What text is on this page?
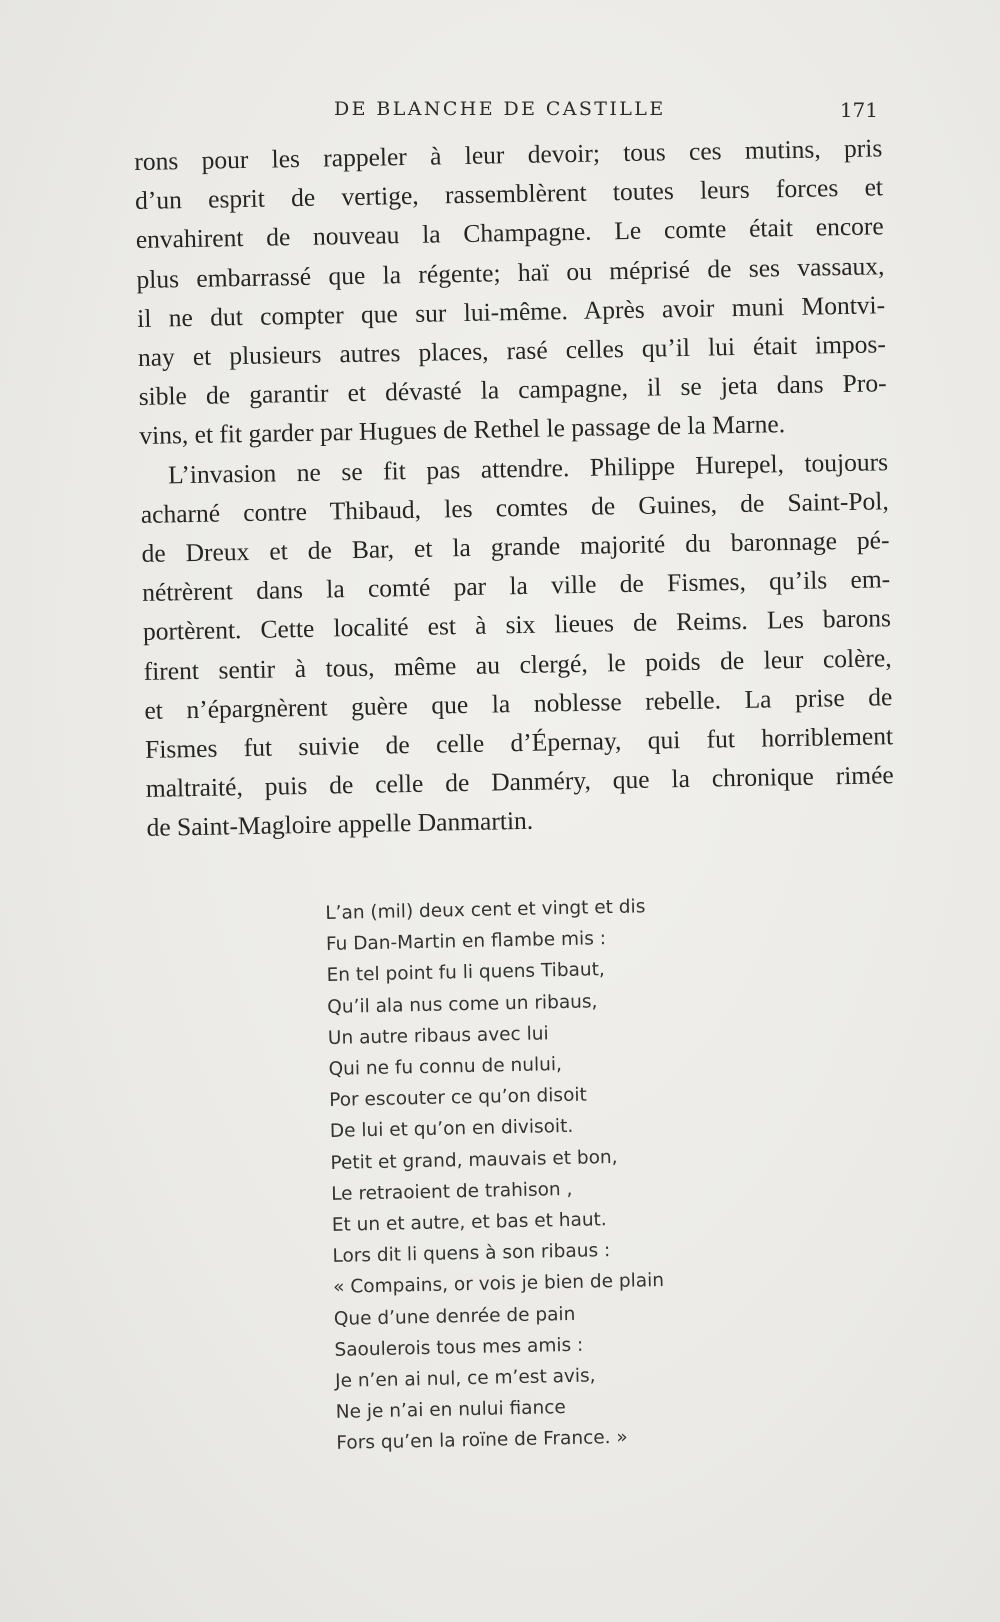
DE BLANCHE DE CASTILLE	171
rons pour les rappeler à leur devoir; tous ces mutins, pris
d’un esprit de vertige, rassemblèrent toutes leurs forces et
envahirent de nouveau la Champagne. Le comte était encore
plus embarrassé que la régente; haï ou méprisé de ses vassaux,
il ne dut compter que sur lui-même. Après avoir muni Montvi-
nay et plusieurs autres places, rasé celles qu’il lui était impos-
sible de garantir et dévasté la campagne, il se jeta dans Pro-
vins, et fit garder par Hugues de Rethel le passage de la Marne.
L’invasion ne se fit pas attendre. Philippe Hurepel, toujours
acharné contre Thibaud, les comtes de Guines, de Saint-Pol,
de Dreux et de Bar, et la grande majorité du baronnage pé-
nétrèrent dans la comté par la ville de Fismes, qu’ils em-
portèrent. Cette localité est à six lieues de Reims. Les barons
firent sentir à tous, même au clergé, le poids de leur colère,
et n’épargnèrent guère que la noblesse rebelle. La prise de
Fismes fut suivie de celle d’Épernay, qui fut horriblement
maltraité, puis de celle de Danméry, que la chronique rimée
de Saint-Magloire appelle Danmartin.
L’an (mil) deux cent et vingt et dis
Fu Dan-Martin en flambe mis :
En tel point fu li quens Tibaut,
Qu’il ala nus come un ribaus,
Un autre ribaus avec lui
Qui ne fu connu de nului,
Por escouter ce qu’on disoit
De lui et qu’on en divisoit.
Petit et grand, mauvais et bon,
Le retraoient de trahison ,
Et un et autre, et bas et haut.
Lors dit li quens à son ribaus :
« Compains, or vois je bien de plain
Que d’une denrée de pain
Saoulerois tous mes amis :
Je n’en ai nul, ce m’est avis,
Ne je n’ai en nului fiance
Fors qu’en la roïne de France. »
